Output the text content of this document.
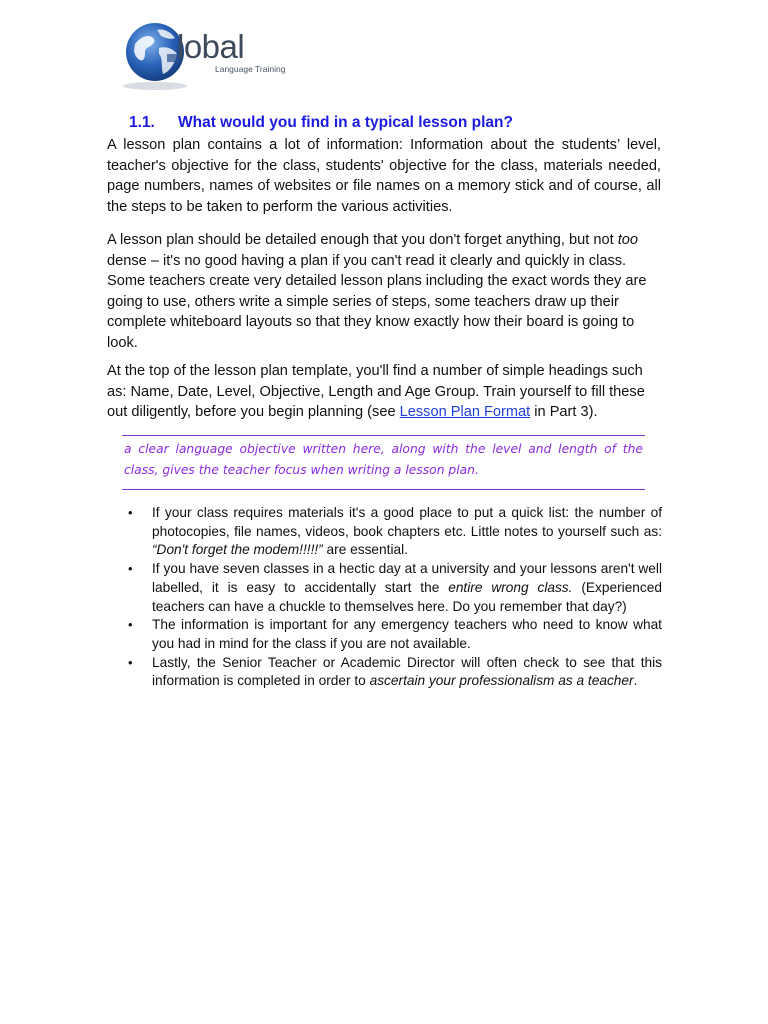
lobal
Language Training
1.1. What would you find in a typical lesson plan?
A lesson plan contains a lot of information: Information about the students’ level, teacher's objective for the class, students' objective for the class, materials needed, page numbers, names of websites or file names on a memory stick and of course, all the steps to be taken to perform the various activities.
A lesson plan should be detailed enough that you don't forget anything, but not too dense – it's no good having a plan if you can't read it clearly and quickly in class. Some teachers create very detailed lesson plans including the exact words they are going to use, others write a simple series of steps, some teachers draw up their complete whiteboard layouts so that they know exactly how their board is going to look.
At the top of the lesson plan template, you'll find a number of simple headings such as: Name, Date, Level, Objective, Length and Age Group. Train yourself to fill these out diligently, before you begin planning (see Lesson Plan Format in Part 3).
a clear language objective written here, along with the level and length of the class, gives the teacher focus when writing a lesson plan.
• If your class requires materials it's a good place to put a quick list: the number of photocopies, file names, videos, book chapters etc. Little notes to yourself such as: “Don't forget the modem!!!!!” are essential.
• If you have seven classes in a hectic day at a university and your lessons aren't well labelled, it is easy to accidentally start the entire wrong class. (Experienced teachers can have a chuckle to themselves here. Do you remember that day?)
• The information is important for any emergency teachers who need to know what you had in mind for the class if you are not available.
• Lastly, the Senior Teacher or Academic Director will often check to see that this information is completed in order to ascertain your professionalism as a teacher.
